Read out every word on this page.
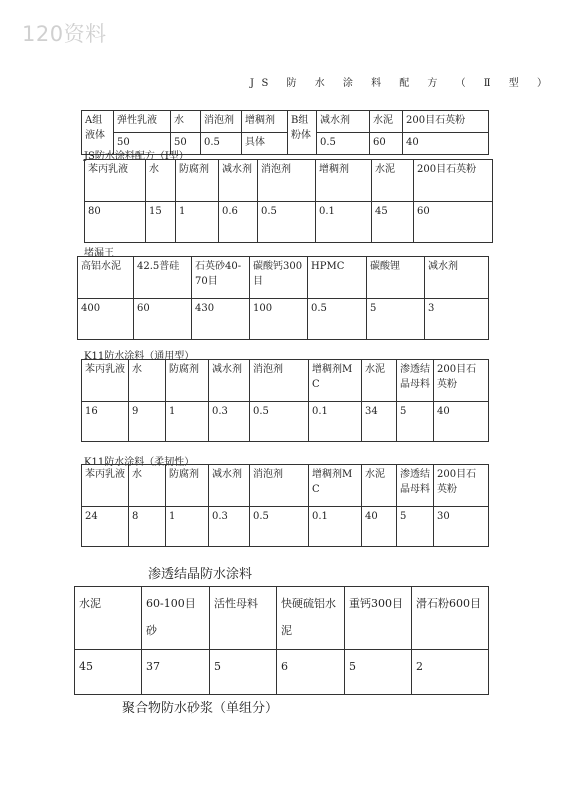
120资料
JS 防 水 涂 料 配 方 （ Ⅱ 型 ）
A组液体	弹性乳液	水	消泡剂	增稠剂	B组粉体	减水剂	水泥	200目石英粉
	50	50	0.5	具体		0.5	60	40
JS防水涂料配方（Ⅰ型）
苯丙乳液	水	防腐剂	减水剂	消泡剂	增稠剂	水泥	200目石英粉
80	15	1	0.6	0.5	0.1	45	60
堵漏王
高铝水泥	42.5普硅	石英砂40-70目	碳酸钙300目	HPMC	碳酸锂	减水剂
400	60	430	100	0.5	5	3
K11防水涂料（通用型）
苯丙乳液	水	防腐剂	减水剂	消泡剂	增稠剂MC	水泥	渗透结晶母料	200目石英粉
16	9	1	0.3	0.5	0.1	34	5	40
K11防水涂料（柔韧性）
苯丙乳液	水	防腐剂	减水剂	消泡剂	增稠剂MC	水泥	渗透结晶母料	200目石英粉
24	8	1	0.3	0.5	0.1	40	5	30
渗透结晶防水涂料
水泥	60-100目砂	活性母料	快硬硫铝水泥	重钙300目	滑石粉600目
45	37	5	6	5	2
聚合物防水砂浆（单组分）
